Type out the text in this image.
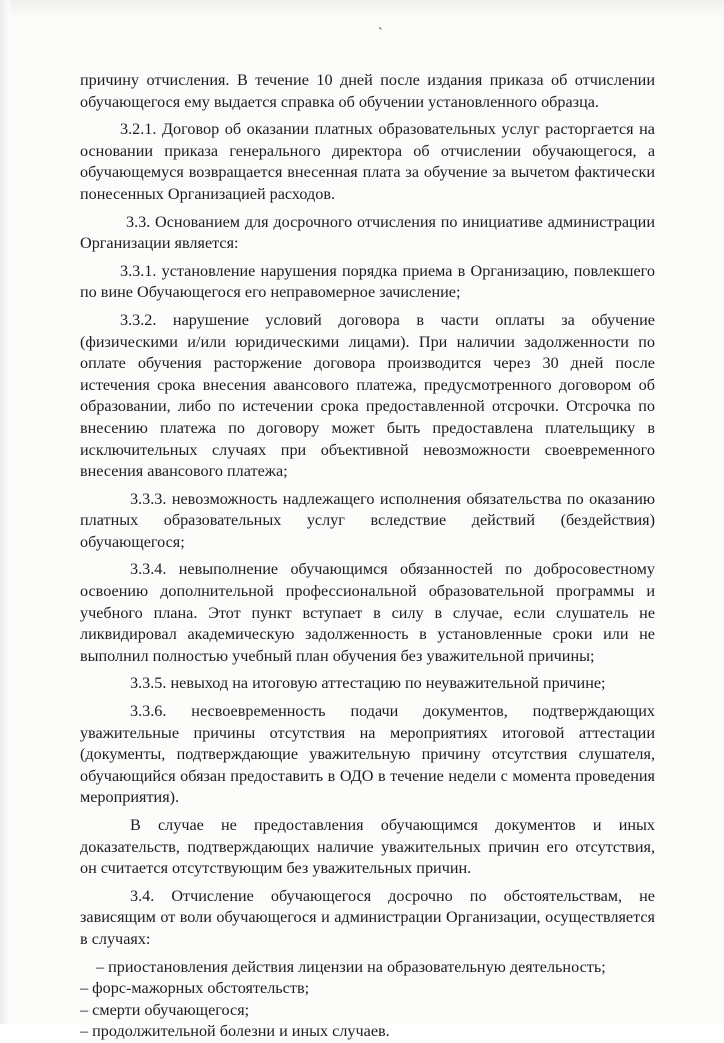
`

причину отчисления. В течение 10 дней после издания приказа об отчислении обучающегося ему выдается справка об обучении установленного образца.

3.2.1. Договор об оказании платных образовательных услуг расторгается на основании приказа генерального директора об отчислении обучающегося, а обучающемуся возвращается внесенная плата за обучение за вычетом фактически понесенных Организацией расходов.

3.3. Основанием для досрочного отчисления по инициативе администрации Организации является:

3.3.1. установление нарушения порядка приема в Организацию, повлекшего по вине Обучающегося его неправомерное зачисление;

3.3.2. нарушение условий договора в части оплаты за обучение (физическими и/или юридическими лицами). При наличии задолженности по оплате обучения расторжение договора производится через 30 дней после истечения срока внесения авансового платежа, предусмотренного договором об образовании, либо по истечении срока предоставленной отсрочки. Отсрочка по внесению платежа по договору может быть предоставлена плательщику в исключительных случаях при объективной невозможности своевременного внесения авансового платежа;

3.3.3. невозможность надлежащего исполнения обязательства по оказанию платных образовательных услуг вследствие действий (бездействия) обучающегося;

3.3.4. невыполнение обучающимся обязанностей по добросовестному освоению дополнительной профессиональной образовательной программы и учебного плана. Этот пункт вступает в силу в случае, если слушатель не ликвидировал академическую задолженность в установленные сроки или не выполнил полностью учебный план обучения без уважительной причины;

3.3.5. невыход на итоговую аттестацию по неуважительной причине;

3.3.6. несвоевременность подачи документов, подтверждающих уважительные причины отсутствия на мероприятиях итоговой аттестации (документы, подтверждающие уважительную причину отсутствия слушателя, обучающийся обязан предоставить в ОДО в течение недели с момента проведения мероприятия).

В случае не предоставления обучающимся документов и иных доказательств, подтверждающих наличие уважительных причин его отсутствия, он считается отсутствующим без уважительных причин.

3.4. Отчисление обучающегося досрочно по обстоятельствам, не зависящим от воли обучающегося и администрации Организации, осуществляется в случаях:

– приостановления действия лицензии на образовательную деятельность;

– форс-мажорных обстоятельств;

– смерти обучающегося;

– продолжительной болезни и иных случаев.
